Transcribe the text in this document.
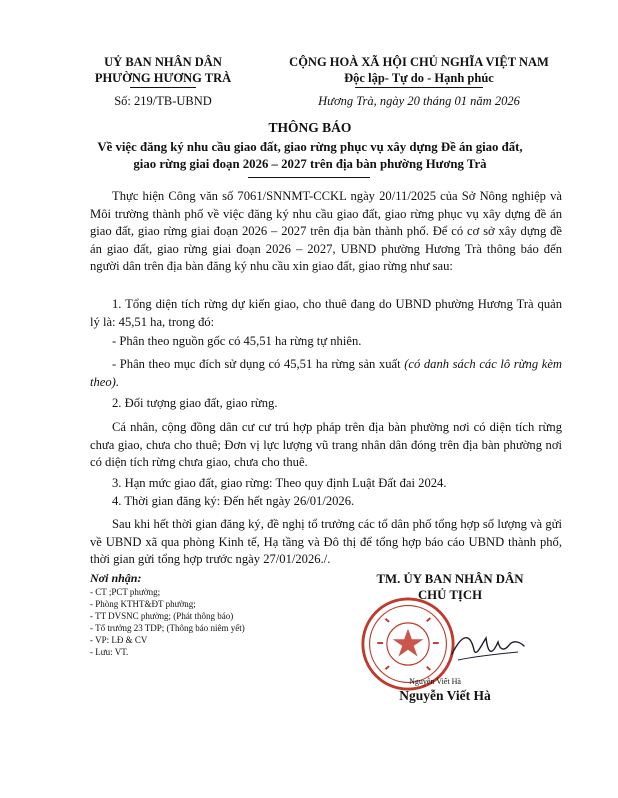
UỶ BAN NHÂN DÂN
PHƯỜNG HƯƠNG TRÀ
Số: 219/TB-UBND
CỘNG HOÀ XÃ HỘI CHỦ NGHĨA VIỆT NAM
Độc lập- Tự do - Hạnh phúc
Hương Trà, ngày 20 tháng 01 năm 2026
THÔNG BÁO
Về việc đăng ký nhu cầu giao đất, giao rừng phục vụ xây dựng Đề án giao đất,
giao rừng giai đoạn 2026 – 2027 trên địa bàn phường Hương Trà
Thực hiện Công văn số 7061/SNNMT-CCKL ngày 20/11/2025 của Sở Nông nghiệp và Môi trường thành phố về việc đăng ký nhu cầu giao đất, giao rừng phục vụ xây dựng đề án giao đất, giao rừng giai đoạn 2026 – 2027 trên địa bàn thành phố. Để có cơ sở xây dựng đề án giao đất, giao rừng giai đoạn 2026 – 2027, UBND phường Hương Trà thông báo đến người dân trên địa bàn đăng ký nhu cầu xin giao đất, giao rừng như sau:
1. Tổng diện tích rừng dự kiến giao, cho thuê đang do UBND phường Hương Trà quản lý là: 45,51 ha, trong đó:
- Phân theo nguồn gốc có 45,51 ha rừng tự nhiên.
- Phân theo mục đích sử dụng có 45,51 ha rừng sản xuất (có danh sách các lô rừng kèm theo).
2. Đối tượng giao đất, giao rừng.
Cá nhân, cộng đồng dân cư cư trú hợp pháp trên địa bàn phường nơi có diện tích rừng chưa giao, chưa cho thuê; Đơn vị lực lượng vũ trang nhân dân đóng trên địa bàn phường nơi có diện tích rừng chưa giao, chưa cho thuê.
3. Hạn mức giao đất, giao rừng: Theo quy định Luật Đất đai 2024.
4. Thời gian đăng ký: Đến hết ngày 26/01/2026.
Sau khi hết thời gian đăng ký, đề nghị tổ trưởng các tổ dân phố tổng hợp số lượng và gửi về UBND xã qua phòng Kinh tế, Hạ tầng và Đô thị để tổng hợp báo cáo UBND thành phố, thời gian gửi tổng hợp trước ngày 27/01/2026./.
Nơi nhận:
- CT ;PCT phường;
- Phòng KTHT&ĐT phường;
- TT DVSNC phường; (Phát thông báo)
- Tổ trưởng 23 TDP; (Thông báo niêm yết)
- VP: LĐ & CV
- Lưu: VT.
TM. ỦY BAN NHÂN DÂN
CHỦ TỊCH
Nguyễn Viết Hà
Nguyễn Viết Hà
